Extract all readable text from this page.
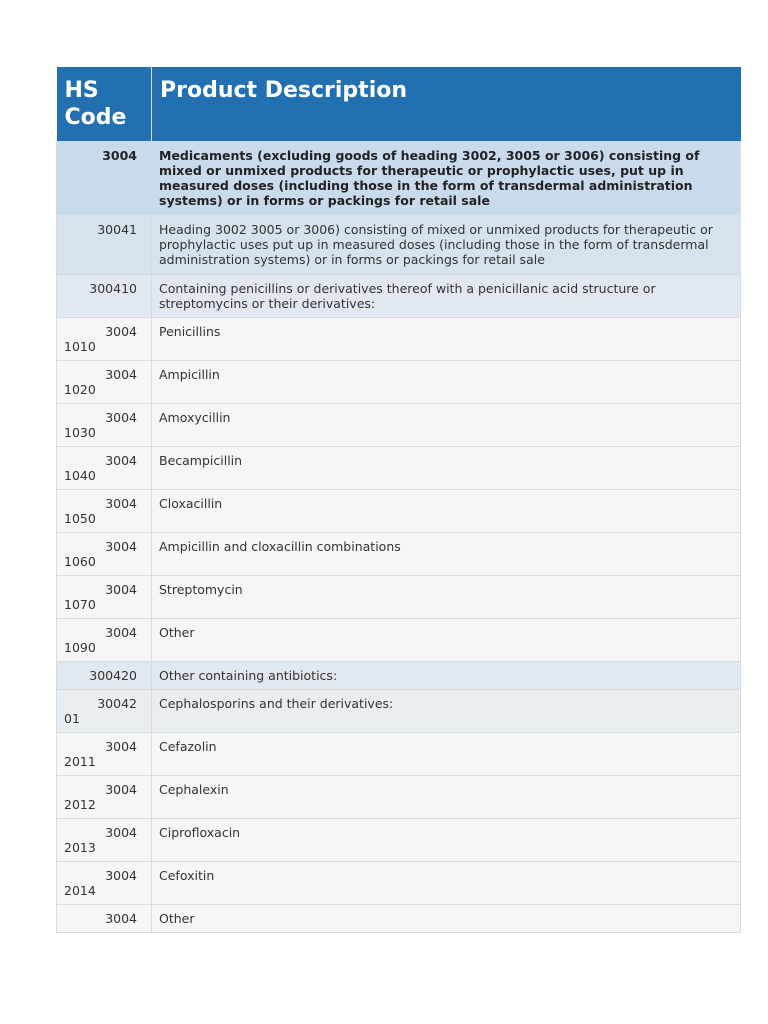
HS
Code	Product Description

3004	Medicaments (excluding goods of heading 3002, 3005 or 3006) consisting of mixed or unmixed products for therapeutic or prophylactic uses, put up in measured doses (including those in the form of transdermal administration systems) or in forms or packings for retail sale

30041	Heading 3002 3005 or 3006) consisting of mixed or unmixed products for therapeutic or prophylactic uses put up in measured doses (including those in the form of transdermal administration systems) or in forms or packings for retail sale

300410	Containing penicillins or derivatives thereof with a penicillanic acid structure or streptomycins or their derivatives:

3004
1010	Penicillins

3004
1020	Ampicillin

3004
1030	Amoxycillin

3004
1040	Becampicillin

3004
1050	Cloxacillin

3004
1060	Ampicillin and cloxacillin combinations

3004
1070	Streptomycin

3004
1090	Other

300420	Other containing antibiotics:

30042
01	Cephalosporins and their derivatives:

3004
2011	Cefazolin

3004
2012	Cephalexin

3004
2013	Ciprofloxacin

3004
2014	Cefoxitin

3004	Other
